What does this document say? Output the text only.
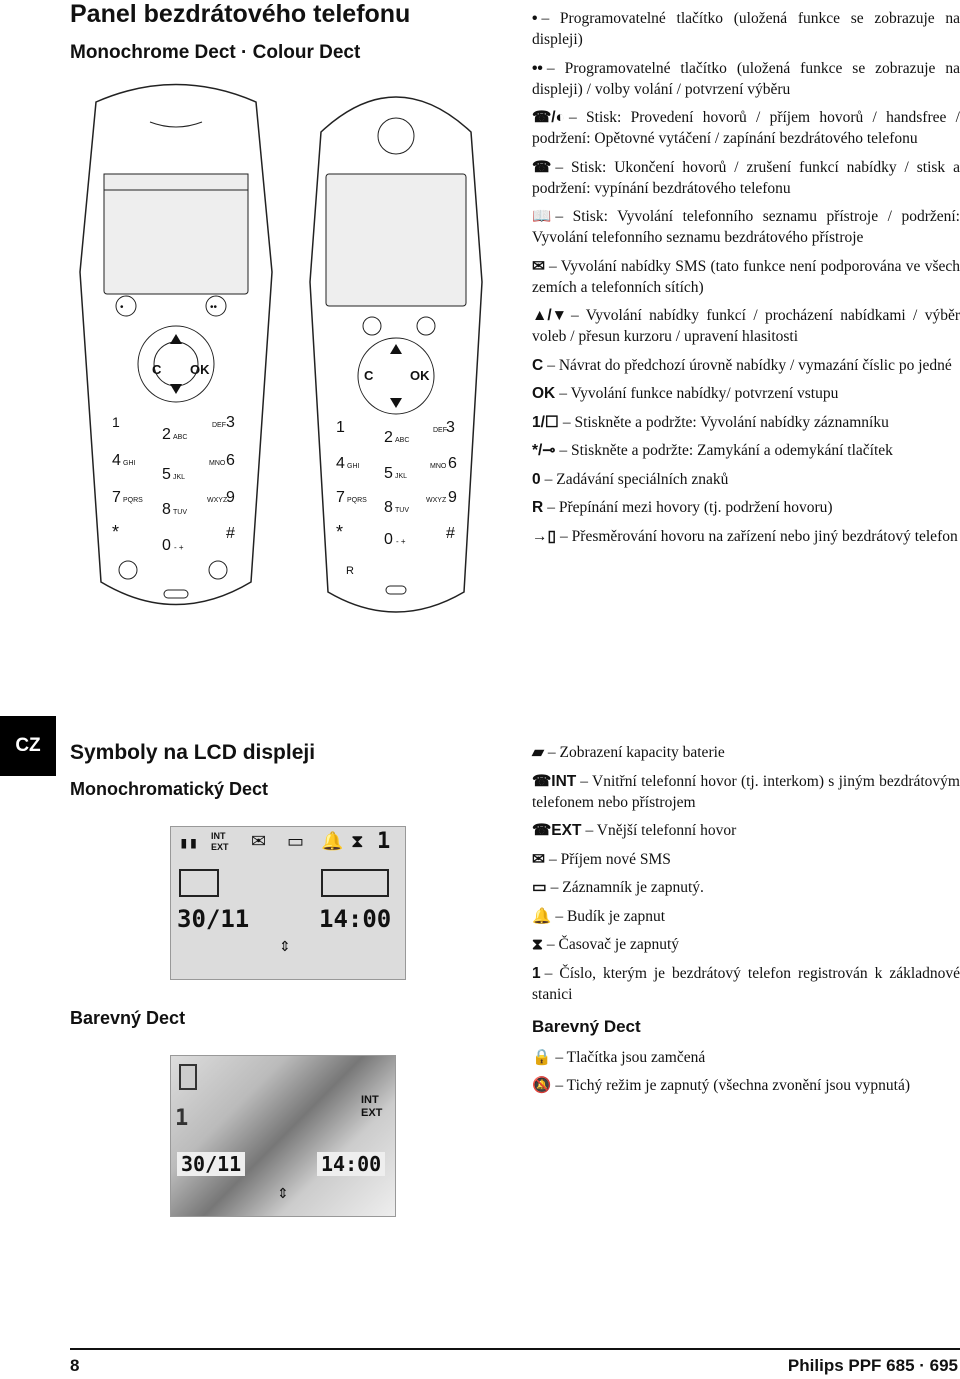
Panel bezdrátového telefonu
Monochrome Dect · Colour Dect
C OK
•	••
1
2 ABC
3
DEF
4 GHI
5 JKL
6
MNO
7 PQRS
8 TUV
9
WXYZ
*
0 - +
#
C	OK
1
2 ABC
3
DEF
4 GHI 5 JKL
6
MNO
7 PQRS 8 TUV
9
WXYZ
*	0 - +	#
R
• – Programovatelné tlačítko (uložená funkce se zobrazuje na displeji)
•• – Programovatelné tlačítko (uložená funkce se zobrazuje na displeji) / volby volání / potvrzení výběru
☎/◐ – Stisk: Provedení hovorů / příjem hovorů / handsfree / podržení: Opětovné vytáčení / zapínání bezdrátového telefonu
☎ – Stisk: Ukončení hovorů / zrušení funkcí nabídky / stisk a podržení: vypínání bezdrátového telefonu
📖 – Stisk: Vyvolání telefonního seznamu přístroje / podržení: Vyvolání telefonního seznamu bezdrátového přístroje
✉ – Vyvolání nabídky SMS (tato funkce není podporována ve všech zemích a telefonních sítích)
▲/▼ – Vyvolání nabídky funkcí / procházení nabídkami / výběr voleb / přesun kurzoru / upravení hlasitosti
C – Návrat do předchozí úrovně nabídky / vymazání číslic po jedné
OK – Vyvolání funkce nabídky/ potvrzení vstupu
1/☐ – Stiskněte a podržte: Vyvolání nabídky záznamníku
*/⊸ – Stiskněte a podržte: Zamykání a odemykání tlačítek
0 – Zadávání speciálních znaků
R – Přepínání mezi hovory (tj. podržení hovoru)
→▯ – Přesměrování hovoru na zařízení nebo jiný bezdrátový telefon
CZ	Symboly na LCD displeji
Monochromatický Dect
▮▮ INT
EXT ✉ ▭ 🔔 ⧗ 1
30/11	14:00
⇕
Barevný Dect
1
INT
EXT
30/11	14:00
⇕
▰ – Zobrazení kapacity baterie
☎INT – Vnitřní telefonní hovor (tj. interkom) s jiným bezdrátovým telefonem nebo přístrojem
☎EXT – Vnější telefonní hovor
✉ – Příjem nové SMS
▭ – Záznamník je zapnutý.
🔔 – Budík je zapnut
⧗ – Časovač je zapnutý
1 – Číslo, kterým je bezdrátový telefon registrován k základnové stanici
Barevný Dect
🔒 – Tlačítka jsou zamčená
🔕 – Tichý režim je zapnutý (všechna zvonění jsou vypnutá)
8	Philips PPF 685 · 695
